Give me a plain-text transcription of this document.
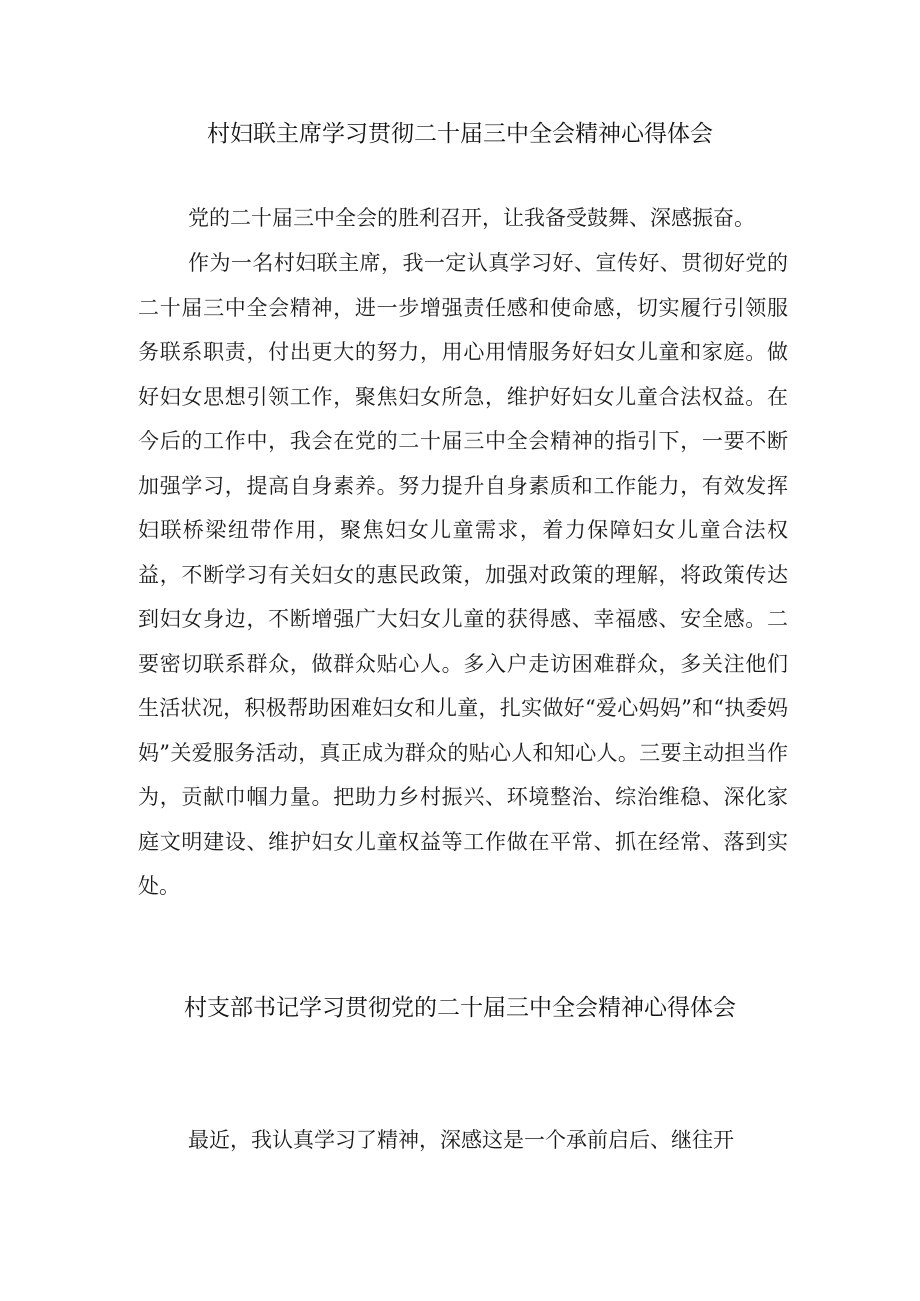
村妇联主席学习贯彻二十届三中全会精神心得体会

党的二十届三中全会的胜利召开，让我备受鼓舞、深感振奋。

作为一名村妇联主席，我一定认真学习好、宣传好、贯彻好党的二十届三中全会精神，进一步增强责任感和使命感，切实履行引领服务联系职责，付出更大的努力，用心用情服务好妇女儿童和家庭。做好妇女思想引领工作，聚焦妇女所急，维护好妇女儿童合法权益。在今后的工作中，我会在党的二十届三中全会精神的指引下，一要不断加强学习，提高自身素养。努力提升自身素质和工作能力，有效发挥妇联桥梁纽带作用，聚焦妇女儿童需求，着力保障妇女儿童合法权益，不断学习有关妇女的惠民政策，加强对政策的理解，将政策传达到妇女身边，不断增强广大妇女儿童的获得感、幸福感、安全感。二要密切联系群众，做群众贴心人。多入户走访困难群众，多关注他们生活状况，积极帮助困难妇女和儿童，扎实做好“爱心妈妈”和“执委妈妈”关爱服务活动，真正成为群众的贴心人和知心人。三要主动担当作为，贡献巾帼力量。把助力乡村振兴、环境整治、综治维稳、深化家庭文明建设、维护妇女儿童权益等工作做在平常、抓在经常、落到实处。

村支部书记学习贯彻党的二十届三中全会精神心得体会

最近，我认真学习了精神，深感这是一个承前启后、继往开
